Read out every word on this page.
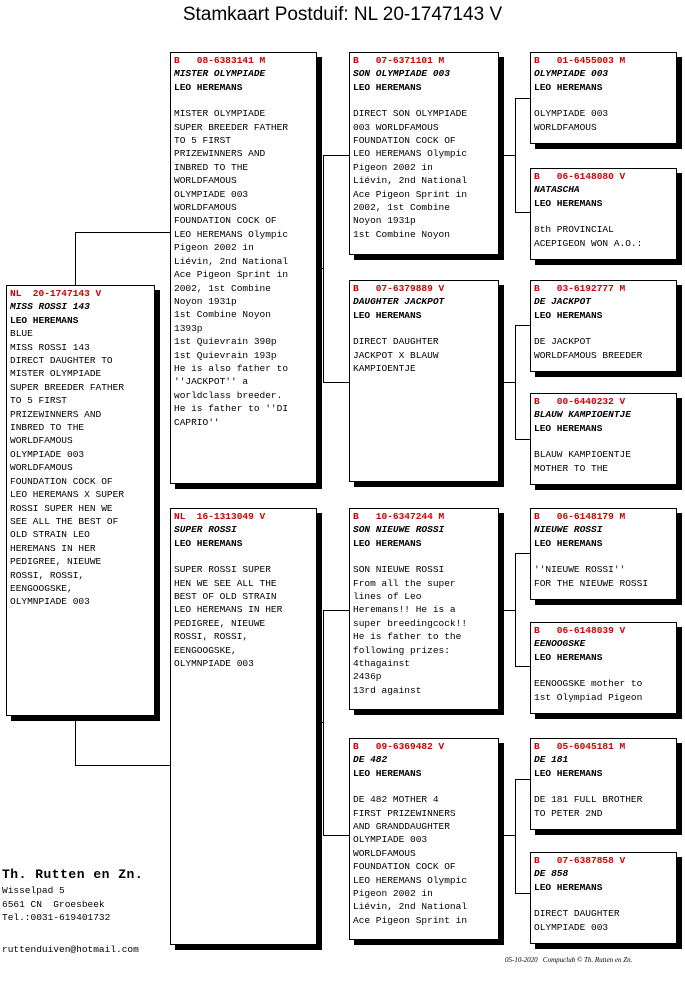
Stamkaart Postduif: NL 20-1747143 V
NL  20-1747143 V
MISS ROSSI 143
LEO HEREMANS
BLUE
MISS ROSSI 143
DIRECT DAUGHTER TO
MISTER OLYMPIADE
SUPER BREEDER FATHER
TO 5 FIRST
PRIZEWINNERS AND
INBRED TO THE
WORLDFAMOUS
OLYMPIADE 003
WORLDFAMOUS
FOUNDATION COCK OF
LEO HEREMANS X SUPER
ROSSI SUPER HEN WE
SEE ALL THE BEST OF
OLD STRAIN LEO
HEREMANS IN HER
PEDIGREE, NIEUWE
ROSSI, ROSSI,
EENGOOGSKE,
OLYMNPIADE 003
B   08-6383141 M
MISTER OLYMPIADE
LEO HEREMANS
MISTER OLYMPIADE
SUPER BREEDER FATHER
TO 5 FIRST
PRIZEWINNERS AND
INBRED TO THE
WORLDFAMOUS
OLYMPIADE 003
WORLDFAMOUS
FOUNDATION COCK OF
LEO HEREMANS Olympic
Pigeon 2002 in
Liévin, 2nd National
Ace Pigeon Sprint in
2002, 1st Combine
Noyon 1931p
1st Combine Noyon
1393p
1st Quievrain 390p
1st Quievrain 193p
He is also father to
''JACKPOT'' a
worldclass breeder.
He is father to ''DI
CAPRIO''
NL  16-1313049 V
SUPER ROSSI
LEO HEREMANS
SUPER ROSSI SUPER
HEN WE SEE ALL THE
BEST OF OLD STRAIN
LEO HEREMANS IN HER
PEDIGREE, NIEUWE
ROSSI, ROSSI,
EENGOOGSKE,
OLYMNPIADE 003
B   07-6371101 M
SON OLYMPIADE 003
LEO HEREMANS
DIRECT SON OLYMPIADE
003 WORLDFAMOUS
FOUNDATION COCK OF
LEO HEREMANS Olympic
Pigeon 2002 in
Liévin, 2nd National
Ace Pigeon Sprint in
2002, 1st Combine
Noyon 1931p
1st Combine Noyon
B   07-6379889 V
DAUGHTER JACKPOT
LEO HEREMANS
DIRECT DAUGHTER
JACKPOT X BLAUW
KAMPIOENTJE
B   10-6347244 M
SON NIEUWE ROSSI
LEO HEREMANS
SON NIEUWE ROSSI
From all the super
lines of Leo
Heremans!! He is a
super breedingcock!!
He is father to the
following prizes:
4thagainst
2436p
13rd against
B   09-6369482 V
DE 482
LEO HEREMANS
DE 482 MOTHER 4
FIRST PRIZEWINNERS
AND GRANDDAUGHTER
OLYMPIADE 003
WORLDFAMOUS
FOUNDATION COCK OF
LEO HEREMANS Olympic
Pigeon 2002 in
Liévin, 2nd National
Ace Pigeon Sprint in
B   01-6455003 M
OLYMPIADE 003
LEO HEREMANS
OLYMPIADE 003
WORLDFAMOUS
B   06-6148080 V
NATASCHA
LEO HEREMANS
8th PROVINCIAL
ACEPIGEON WON A.O.:
B   03-6192777 M
DE JACKPOT
LEO HEREMANS
DE JACKPOT
WORLDFAMOUS BREEDER
B   00-6440232 V
BLAUW KAMPIOENTJE
LEO HEREMANS
BLAUW KAMPIOENTJE
MOTHER TO THE
B   06-6148179 M
NIEUWE ROSSI
LEO HEREMANS
''NIEUWE ROSSI''
FOR THE NIEUWE ROSSI
B   06-6148039 V
EENOOGSKE
LEO HEREMANS
EENOOGSKE mother to
1st Olympiad Pigeon
B   05-6045181 M
DE 181
LEO HEREMANS
DE 181 FULL BROTHER
TO PETER 2ND
B   07-6387858 V
DE 858
LEO HEREMANS
DIRECT DAUGHTER
OLYMPIADE 003
Th. Rutten en Zn.
Wisselpad 5
6561 CN  Groesbeek
Tel.:0031-619401732
ruttenduiven@hotmail.com
05-10-2020   Compuclub © Th. Rutten en Zn.
